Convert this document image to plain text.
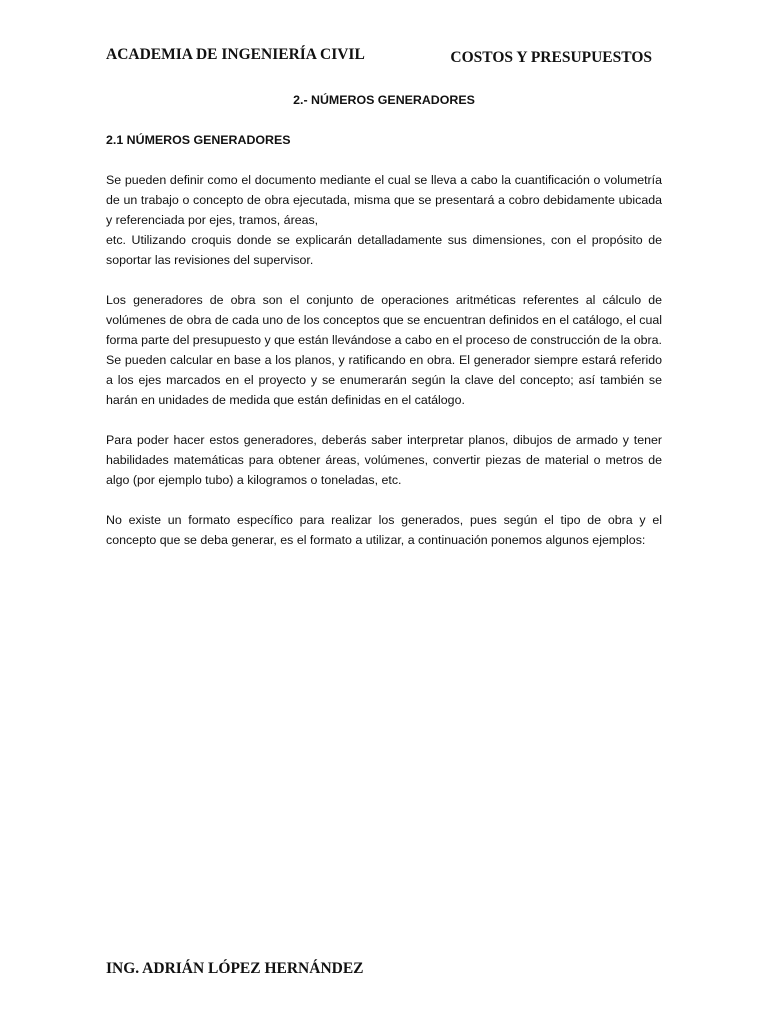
ACADEMIA DE INGENIERÍA CIVIL	COSTOS Y PRESUPUESTOS
2.- NÚMEROS GENERADORES
2.1 NÚMEROS GENERADORES
Se pueden definir como el documento mediante el cual se lleva a cabo la cuantificación o volumetría de un trabajo o concepto de obra ejecutada, misma que se presentará a cobro debidamente ubicada y referenciada por ejes, tramos, áreas,
etc. Utilizando croquis donde se explicarán detalladamente sus dimensiones, con el propósito de soportar las revisiones del supervisor.

Los generadores de obra son el conjunto de operaciones aritméticas referentes al cálculo de volúmenes de obra de cada uno de los conceptos que se encuentran definidos en el catálogo, el cual forma parte del presupuesto y que están llevándose a cabo en el proceso de construcción de la obra. Se pueden calcular en base a los planos, y ratificando en obra. El generador siempre estará referido a los ejes marcados en el proyecto y se enumerarán según la clave del concepto; así también se harán en unidades de medida que están definidas en el catálogo.

Para poder hacer estos generadores, deberás saber interpretar planos, dibujos de armado y tener habilidades matemáticas para obtener áreas, volúmenes, convertir piezas de material o metros de algo (por ejemplo tubo) a kilogramos o toneladas, etc.

No existe un formato específico para realizar los generados, pues según el tipo de obra y el concepto que se deba generar, es el formato a utilizar, a continuación ponemos algunos ejemplos:

ING. ADRIÁN LÓPEZ HERNÁNDEZ
